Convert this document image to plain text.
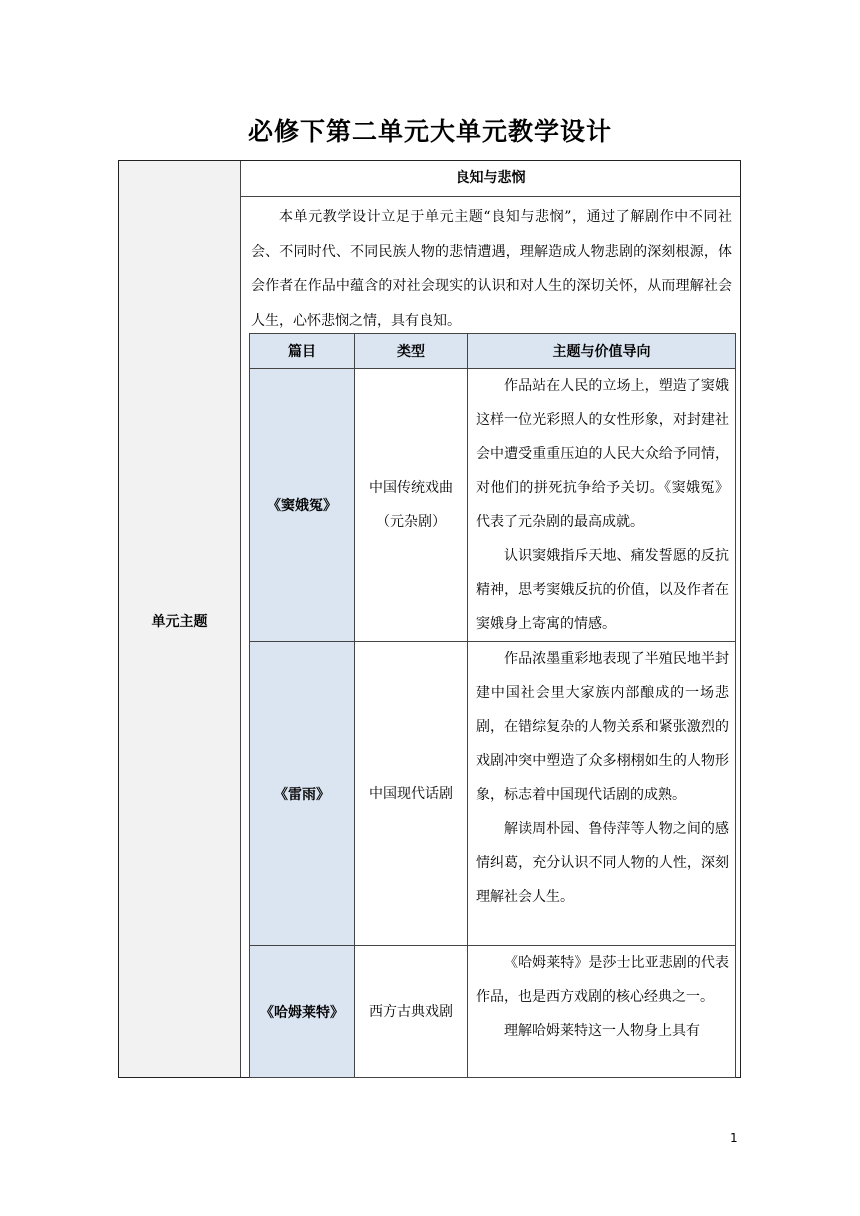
必修下第二单元大单元教学设计
单元主题
良知与悲悯
本单元教学设计立足于单元主题“良知与悲悯”，通过了解剧作中不同社会、不同时代、不同民族人物的悲情遭遇，理解造成人物悲剧的深刻根源，体会作者在作品中蕴含的对社会现实的认识和对人生的深切关怀，从而理解社会人生，心怀悲悯之情，具有良知。
篇目	类型	主题与价值导向
《窦娥冤》	中国传统戏曲（元杂剧）	作品站在人民的立场上，塑造了窦娥这样一位光彩照人的女性形象，对封建社会中遭受重重压迫的人民大众给予同情，对他们的拼死抗争给予关切。《窦娥冤》代表了元杂剧的最高成就。

认识窦娥指斥天地、痛发誓愿的反抗精神，思考窦娥反抗的价值，以及作者在窦娥身上寄寓的情感。

《雷雨》	中国现代话剧	作品浓墨重彩地表现了半殖民地半封建中国社会里大家族内部酿成的一场悲剧，在错综复杂的人物关系和紧张激烈的戏剧冲突中塑造了众多栩栩如生的人物形象，标志着中国现代话剧的成熟。

解读周朴园、鲁侍萍等人物之间的感情纠葛，充分认识不同人物的人性，深刻理解社会人生。

《哈姆莱特》	西方古典戏剧	《哈姆莱特》是莎士比亚悲剧的代表作品，也是西方戏剧的核心经典之一。

理解哈姆莱特这一人物身上具有

1
